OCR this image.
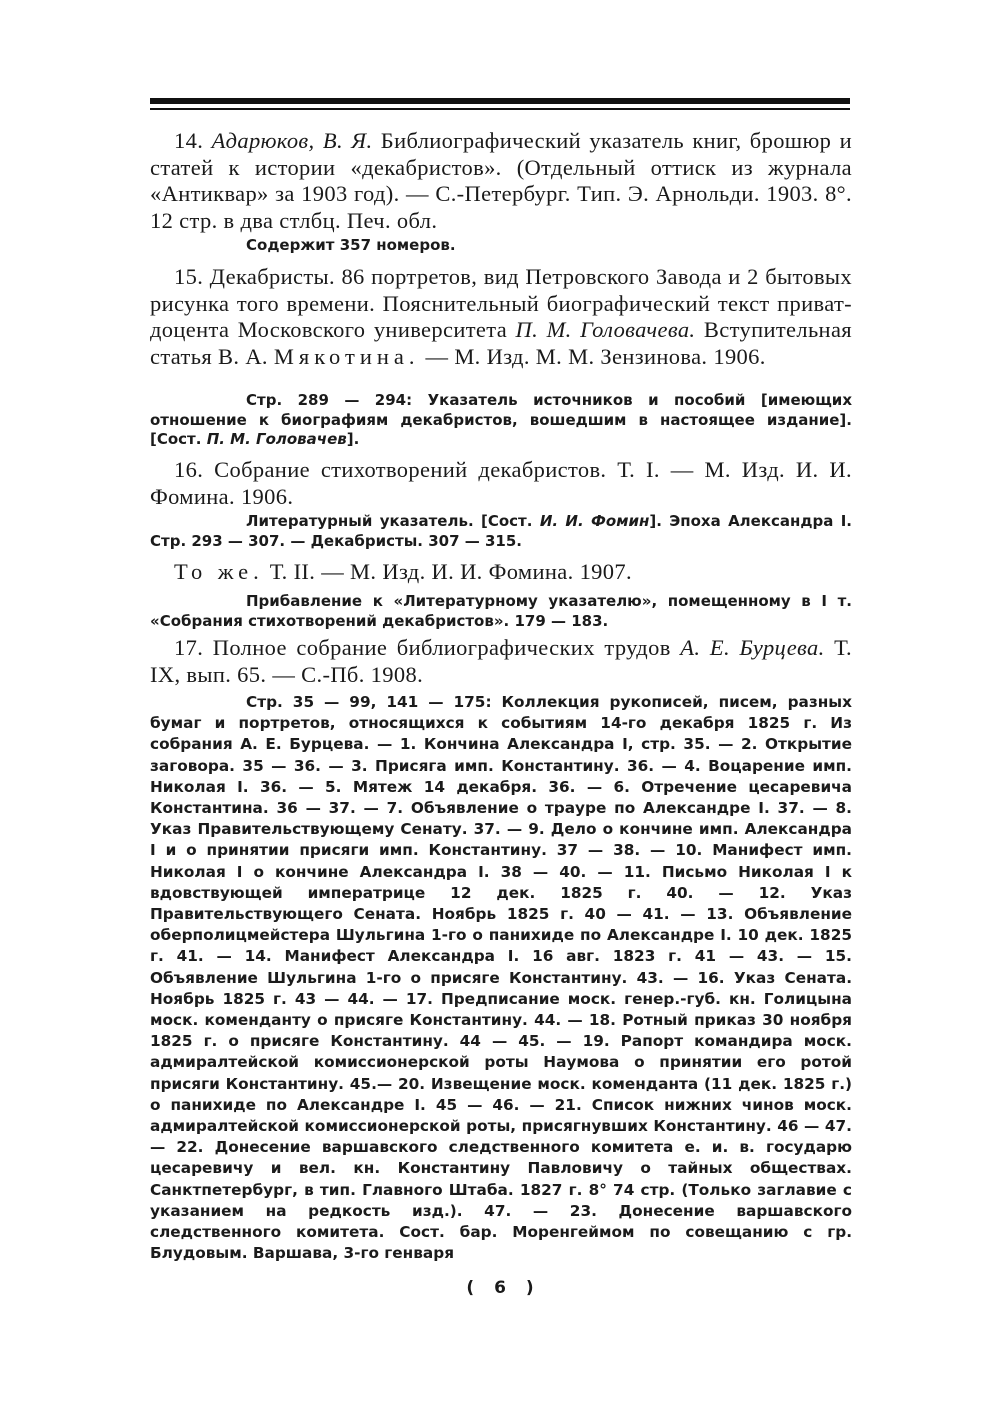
14. Адарюков, В. Я. Библиографический указатель книг, брошюр и статей к истории «декабристов». (Отдельный оттиск из журнала «Антиквар» за 1903 год). — С.-Петербург. Тип. Э. Арнольди. 1903. 8°. 12 стр. в два стлбц. Печ. обл.

Содержит 357 номеров.

15. Декабристы. 86 портретов, вид Петровского Завода и 2 бытовых рисунка того времени. Пояснительный биографический текст приват-доцента Московского университета П. М. Головачева. Вступительная статья В. А. Мякотина. — М. Изд. М. М. Зензинова. 1906.

Стр. 289 — 294: Указатель источников и пособий [имеющих отношение к биографиям декабристов, вошедшим в настоящее издание]. [Сост. П. М. Головачев].

16. Собрание стихотворений декабристов. Т. I. — М. Изд. И. И. Фомина. 1906.

Литературный указатель. [Сост. И. И. Фомин]. Эпоха Александра I. Стр. 293 — 307. — Декабристы. 307 — 315.

То же. Т. II. — М. Изд. И. И. Фомина. 1907.

Прибавление к «Литературному указателю», помещенному в I т. «Собрания стихотворений декабристов». 179 — 183.

17. Полное собрание библиографических трудов А. Е. Бурцева. Т. IX, вып. 65. — С.-Пб. 1908.

Стр. 35 — 99, 141 — 175: Коллекция рукописей, писем, разных бумаг и портретов, относящихся к событиям 14-го декабря 1825 г. Из собрания А. Е. Бурцева. — 1. Кончина Александра I, стр. 35. — 2. Открытие заговора. 35 — 36. — 3. Присяга имп. Константину. 36. — 4. Воцарение имп. Николая I. 36. — 5. Мятеж 14 декабря. 36. — 6. Отречение цесаревича Константина. 36 — 37. — 7. Объявление о трауре по Александре I. 37. — 8. Указ Правительствующему Сенату. 37. — 9. Дело о кончине имп. Александра I и о принятии присяги имп. Константину. 37 — 38. — 10. Манифест имп. Николая I о кончине Александра I. 38 — 40. — 11. Письмо Николая I к вдовствующей императрице 12 дек. 1825 г. 40. — 12. Указ Правительствующего Сената. Ноябрь 1825 г. 40 — 41. — 13. Объявление оберполицмейстера Шульгина 1-го о панихиде по Александре I. 10 дек. 1825 г. 41. — 14. Манифест Александра I. 16 авг. 1823 г. 41 — 43. — 15. Объявление Шульгина 1-го о присяге Константину. 43. — 16. Указ Сената. Ноябрь 1825 г. 43 — 44. — 17. Предписание моск. генер.-губ. кн. Голицына моск. коменданту о присяге Константину. 44. — 18. Ротный приказ 30 ноября 1825 г. о присяге Константину. 44 — 45. — 19. Рапорт командира моск. адмиралтейской комиссионерской роты Наумова о принятии его ротой присяги Константину. 45.— 20. Извещение моск. коменданта (11 дек. 1825 г.) о панихиде по Александре I. 45 — 46. — 21. Список нижних чинов моск. адмиралтейской комиссионерской роты, присягнувших Константину. 46 — 47. — 22. Донесение варшавского следственного комитета е. и. в. государю цесаревичу и вел. кн. Константину Павловичу о тайных обществах. Санктпетербург, в тип. Главного Штаба. 1827 г. 8° 74 стр. (Только заглавие с указанием на редкость изд.). 47. — 23. Донесение варшавского следственного комитета. Сост. бар. Моренгеймом по совещанию с гр. Блудовым. Варшава, 3-го генваря

( 6 )
